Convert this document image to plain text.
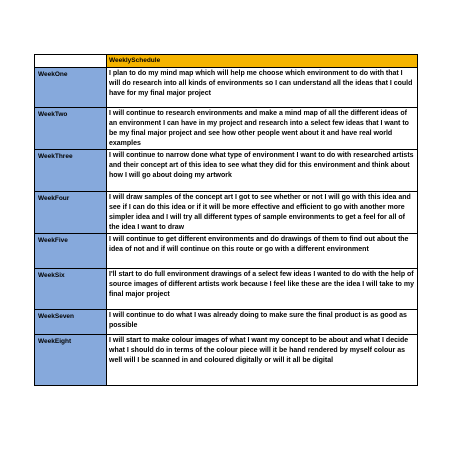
	WeeklySchedule
WeekOne	I plan to do my mind map which will help me choose which environment to do with that I will do research into all kinds of environments so I can understand all the ideas that I could have for my final major project
WeekTwo	I will continue to research environments and make a mind map of all the different ideas of an environment I can have in my project and research into a select few ideas that I want to be my final major project and see how other people went about it and have real world examples
WeekThree	I will continue to narrow done what type of environment I want to do with researched artists and their concept art of this idea to see what they did for this environment and think about how I will go about doing my artwork
WeekFour	I will draw samples of the concept art I got to see whether or not I will go with this idea and see if I can do this idea or if it will be more effective and efficient to go with another more simpler idea and I will try all different types of sample environments to get a feel for all of the idea I want to draw
WeekFive	I will continue to get different environments and do drawings of them to find out about the idea of not and if will continue on this route or go with a different environment
WeekSix	I'll start to do full environment drawings of a select few ideas I wanted to do with the help of source images of different artists work because I feel like these are the idea I will take to my final major project
WeekSeven	I will continue to do what I was already doing to make sure the final product is as good as possible
WeekEight	I will start to make colour images of what I want my concept to be about and what I decide what I should do in terms of the colour piece will it be hand rendered by myself colour as well will I be scanned in and coloured digitally or will it all be digital
